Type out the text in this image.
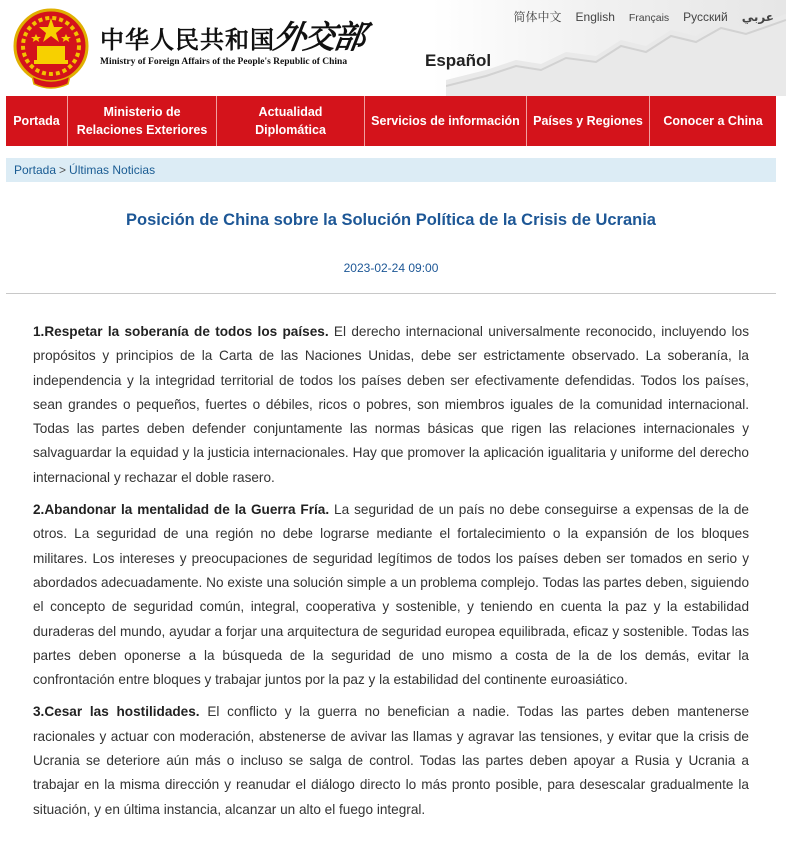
中华人民共和国
外交部
Ministry of Foreign Affairs of the People's Republic of China	Español
简体中文 English Français Русский عربي
Portada
Ministerio de Relaciones Exteriores
Actualidad Diplomática
Servicios de información	Países y Regiones	Conocer a China
Portada > Últimas Noticias
Posición de China sobre la Solución Política de la Crisis de Ucrania
2023-02-24 09:00

1.Respetar la soberanía de todos los países. El derecho internacional universalmente reconocido, incluyendo los propósitos y principios de la Carta de las Naciones Unidas, debe ser estrictamente observado. La soberanía, la independencia y la integridad territorial de todos los países deben ser efectivamente defendidas. Todos los países, sean grandes o pequeños, fuertes o débiles, ricos o pobres, son miembros iguales de la comunidad internacional. Todas las partes deben defender conjuntamente las normas básicas que rigen las relaciones internacionales y salvaguardar la equidad y la justicia internacionales. Hay que promover la aplicación igualitaria y uniforme del derecho internacional y rechazar el doble rasero.

2.Abandonar la mentalidad de la Guerra Fría. La seguridad de un país no debe conseguirse a expensas de la de otros. La seguridad de una región no debe lograrse mediante el fortalecimiento o la expansión de los bloques militares. Los intereses y preocupaciones de seguridad legítimos de todos los países deben ser tomados en serio y abordados adecuadamente. No existe una solución simple a un problema complejo. Todas las partes deben, siguiendo el concepto de seguridad común, integral, cooperativa y sostenible, y teniendo en cuenta la paz y la estabilidad duraderas del mundo, ayudar a forjar una arquitectura de seguridad europea equilibrada, eficaz y sostenible. Todas las partes deben oponerse a la búsqueda de la seguridad de uno mismo a costa de la de los demás, evitar la confrontación entre bloques y trabajar juntos por la paz y la estabilidad del continente euroasiático.

3.Cesar las hostilidades. El conflicto y la guerra no benefician a nadie. Todas las partes deben mantenerse racionales y actuar con moderación, abstenerse de avivar las llamas y agravar las tensiones, y evitar que la crisis de Ucrania se deteriore aún más o incluso se salga de control. Todas las partes deben apoyar a Rusia y Ucrania a trabajar en la misma dirección y reanudar el diálogo directo lo más pronto posible, para desescalar gradualmente la situación, y en última instancia, alcanzar un alto el fuego integral.
